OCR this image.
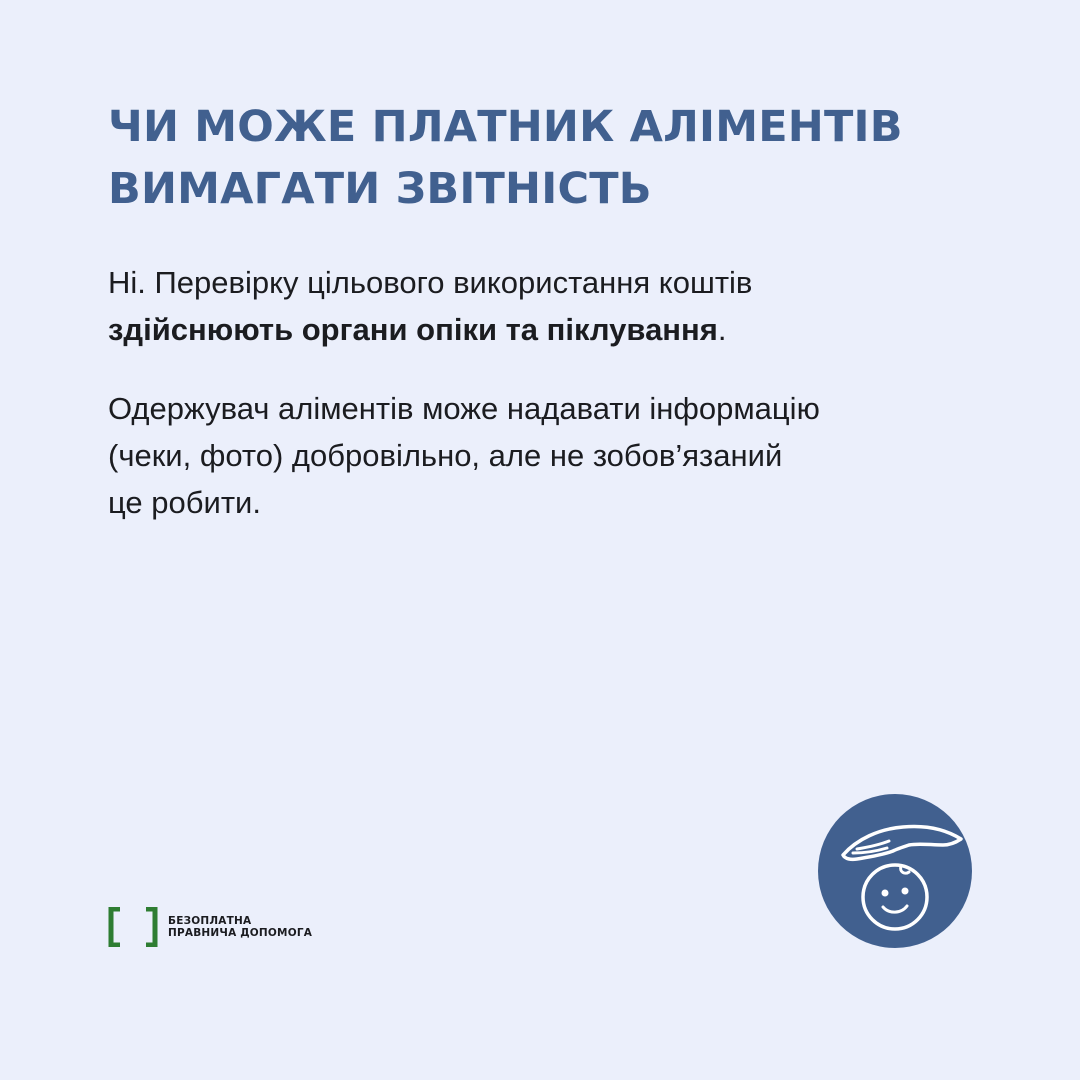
ЧИ МОЖЕ ПЛАТНИК АЛІМЕНТІВ
ВИМАГАТИ ЗВІТНІСТЬ

Ні. Перевірку цільового використання коштів
здійснюють органи опіки та піклування.

Одержувач аліментів може надавати інформацію
(чеки, фото) добровільно, але не зобов’язаний
це робити.

БЕЗОПЛАТНА
ПРАВНИЧА ДОПОМОГА
